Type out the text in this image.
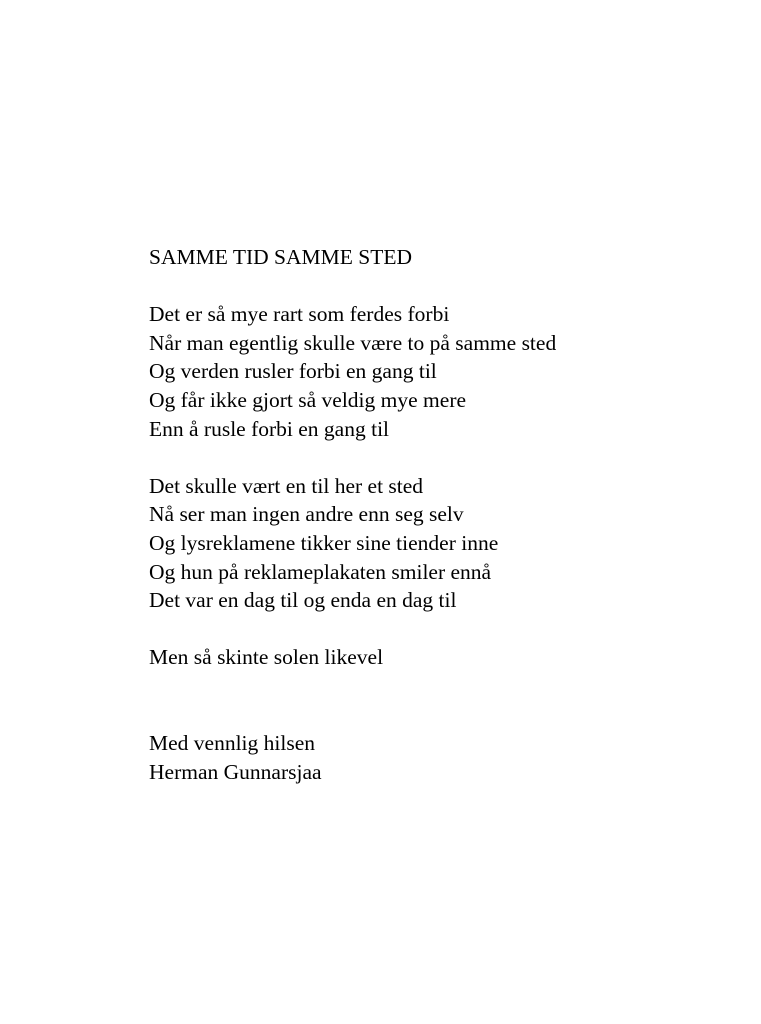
SAMME TID SAMME STED

Det er så mye rart som ferdes forbi

Når man egentlig skulle være to på samme sted

Og verden rusler forbi en gang til

Og får ikke gjort så veldig mye mere

Enn å rusle forbi en gang til

Det skulle vært en til her et sted

Nå ser man ingen andre enn seg selv

Og lysreklamene tikker sine tiender inne

Og hun på reklameplakaten smiler ennå

Det var en dag til og enda en dag til

Men så skinte solen likevel

Med vennlig hilsen

Herman Gunnarsjaa
